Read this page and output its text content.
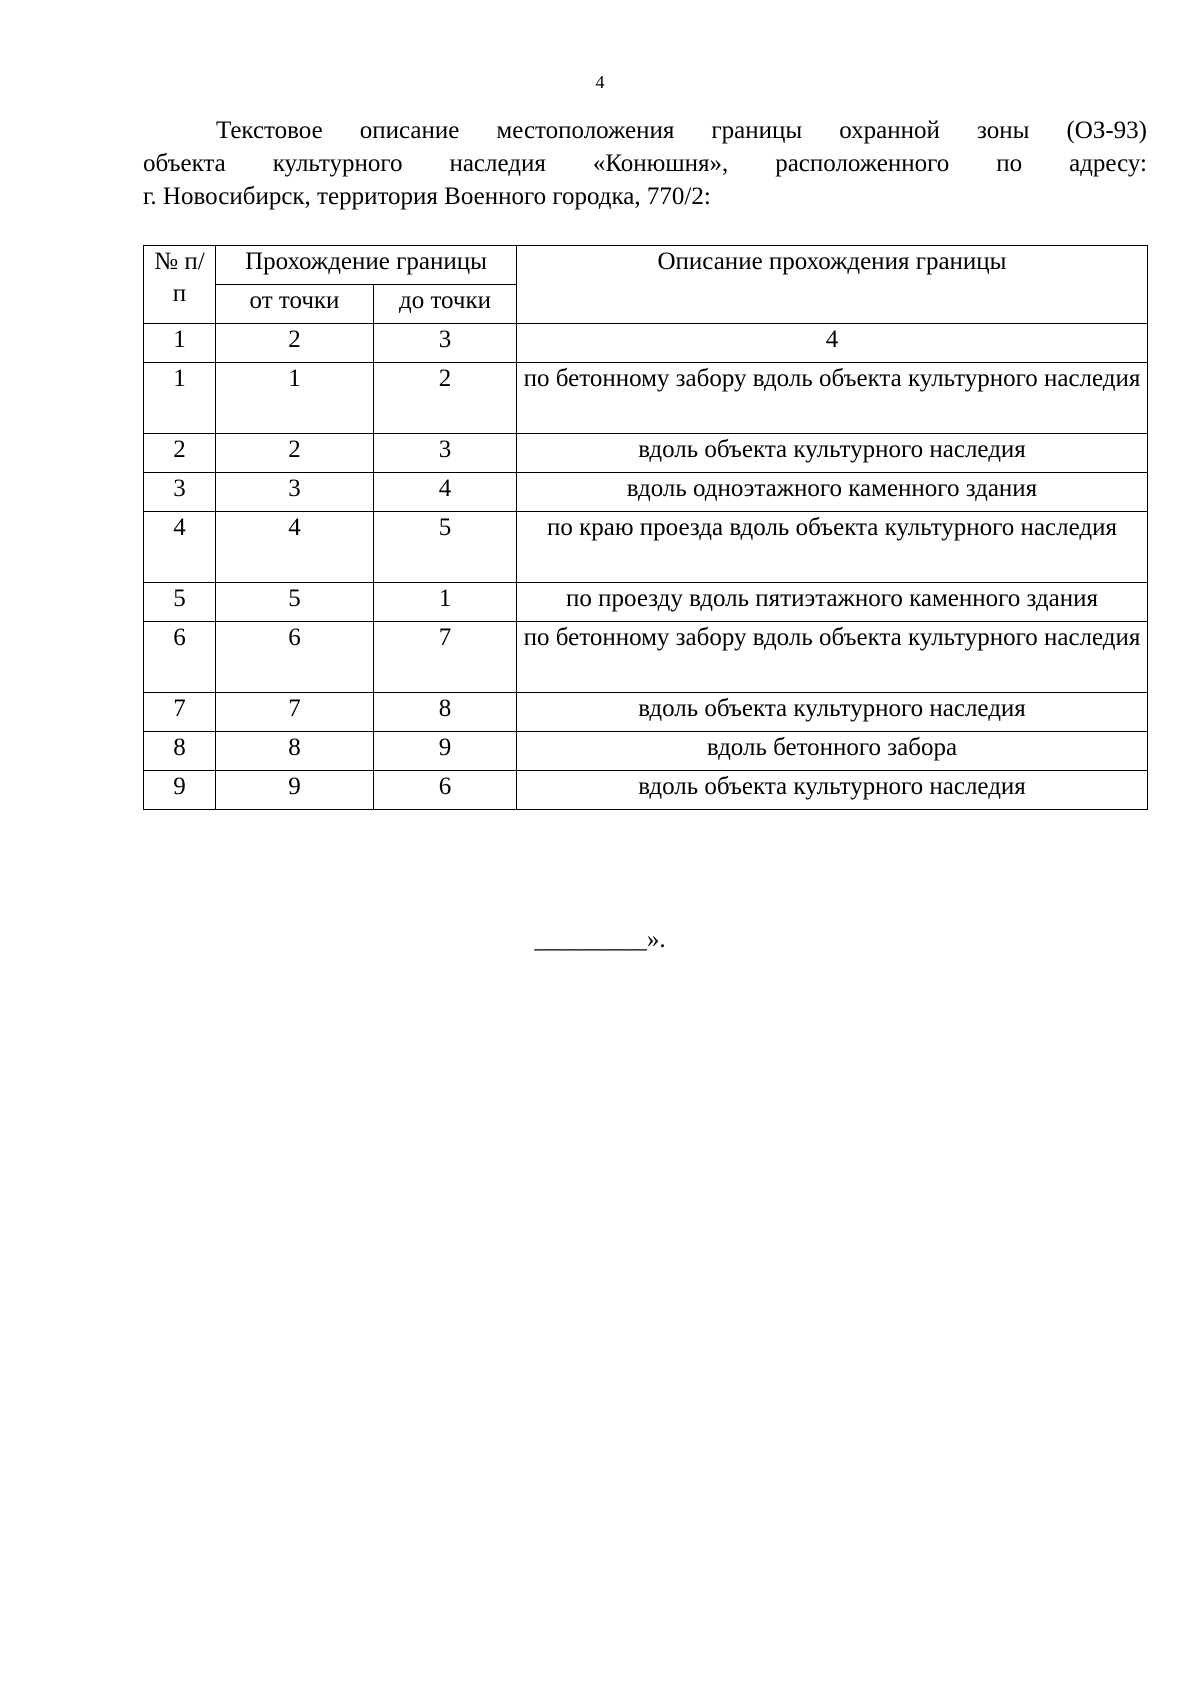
4

Текстовое описание местоположения границы охранной зоны (ОЗ-93)
объекта культурного наследия «Конюшня», расположенного по адресу:
г. Новосибирск, территория Военного городка, 770/2:

№ п/п	Прохождение границы		Описание прохождения границы
	от точки	до точки	
1	2	3	4
1	1	2	по бетонному забору вдоль объекта культурного наследия
2	2	3	вдоль объекта культурного наследия
3	3	4	вдоль одноэтажного каменного здания
4	4	5	по краю проезда вдоль объекта культурного наследия
5	5	1	по проезду вдоль пятиэтажного каменного здания
6	6	7	по бетонному забору вдоль объекта культурного наследия
7	7	8	вдоль объекта культурного наследия
8	8	9	вдоль бетонного забора
9	9	6	вдоль объекта культурного наследия
_________».
